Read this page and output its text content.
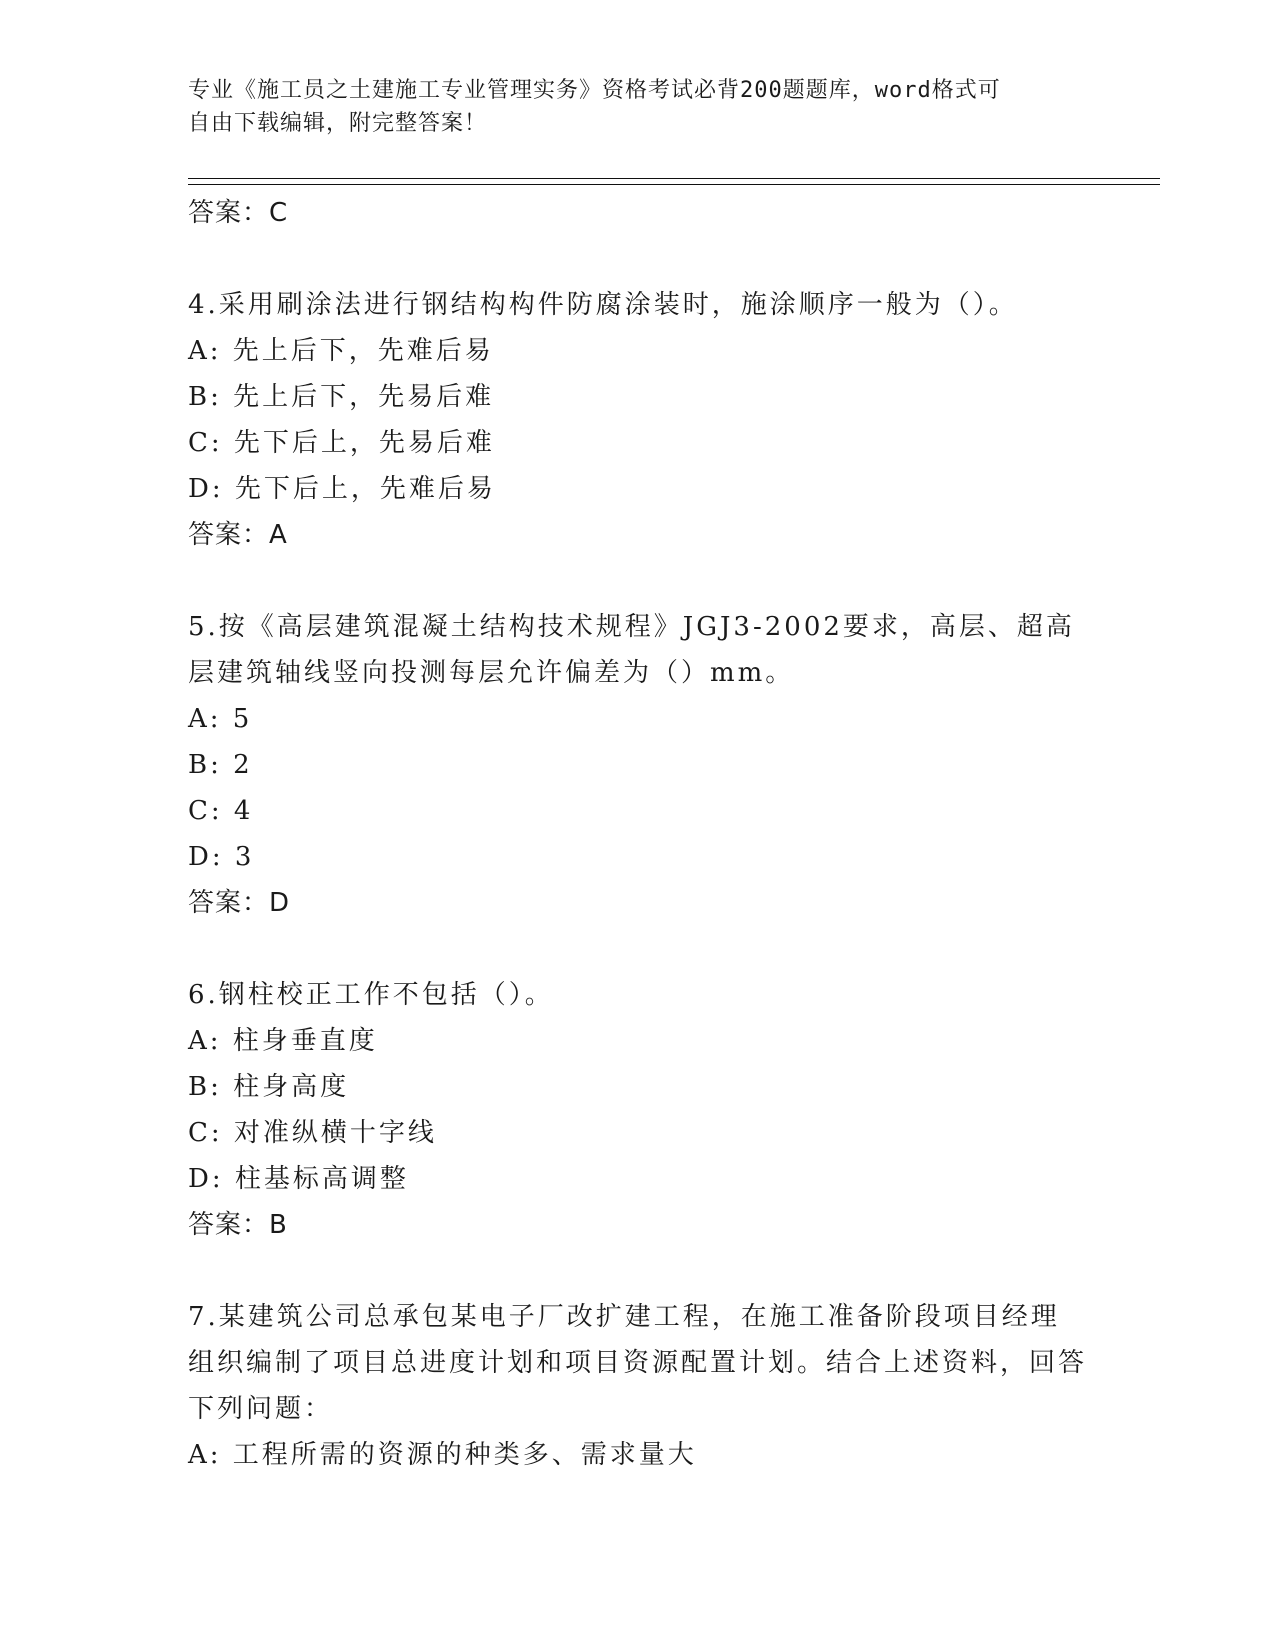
专业《施工员之土建施工专业管理实务》资格考试必背200题题库，word格式可
自由下载编辑，附完整答案！
答案：C
4.采用刷涂法进行钢结构构件防腐涂装时，施涂顺序一般为（）。
A: 先上后下，先难后易
B: 先上后下，先易后难
C: 先下后上，先易后难
D: 先下后上，先难后易
答案：A
5.按《高层建筑混凝土结构技术规程》JGJ3-2002要求，高层、超高层建筑轴线竖向投测每层允许偏差为（）mm。
A: 5
B: 2
C: 4
D: 3
答案：D
6.钢柱校正工作不包括（）。
A: 柱身垂直度
B: 柱身高度
C: 对准纵横十字线
D: 柱基标高调整
答案：B
7.某建筑公司总承包某电子厂改扩建工程，在施工准备阶段项目经理组织编制了项目总进度计划和项目资源配置计划。结合上述资料，回答下列问题：
A: 工程所需的资源的种类多、需求量大
